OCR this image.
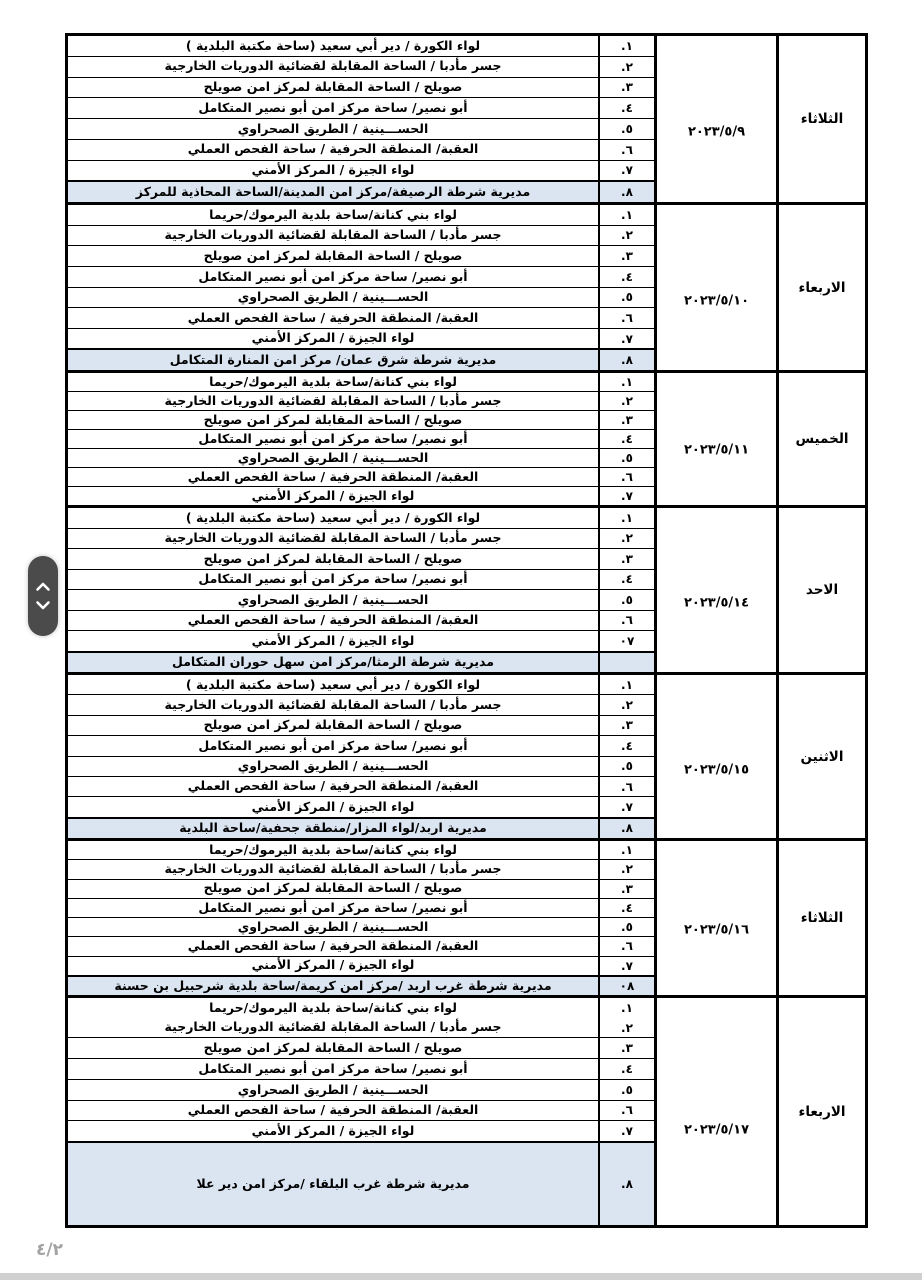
لواء الكورة / دير أبي سعيد (ساحة مكتبة البلدية )	.١
جسر مأدبا / الساحة المقابلة لقضائية الدوريات الخارجية	.٢
صويلح / الساحة المقابلة لمركز امن صويلح	.٣
أبو نصير/ ساحة مركز امن أبو نصير المتكامل	.٤
الحســـينية / الطريق الصحراوي	.٥
العقبة/ المنطقة الحرفية / ساحة الفحص العملي	.٦
لواء الجيزة / المركز الأمني	.٧
مديرية شرطة الرصيفة/مركز امن المدينة/الساحة المحاذية للمركز	.٨
٢٠٢٣/٥/٩
الثلاثاء
لواء بني كنانة/ساحة بلدية اليرموك/حريما	.١
جسر مأدبا / الساحة المقابلة لقضائية الدوريات الخارجية	.٢
صويلح / الساحة المقابلة لمركز امن صويلح	.٣
أبو نصير/ ساحة مركز امن أبو نصير المتكامل	.٤
الحســـينية / الطريق الصحراوي	.٥
العقبة/ المنطقة الحرفية / ساحة الفحص العملي	.٦
لواء الجيزة / المركز الأمني	.٧
مديرية شرطة شرق عمان/ مركز امن المنارة المتكامل	.٨
٢٠٢٣/٥/١٠
الاربعاء
لواء بني كنانة/ساحة بلدية اليرموك/حريما	.١
جسر مأدبا / الساحة المقابلة لقضائية الدوريات الخارجية	.٢
صويلح / الساحة المقابلة لمركز امن صويلح	.٣
أبو نصير/ ساحة مركز امن أبو نصير المتكامل	.٤
الحســـينية / الطريق الصحراوي	.٥
العقبة/ المنطقة الحرفية / ساحة الفحص العملي	.٦
لواء الجيزة / المركز الأمني	.٧
٢٠٢٣/٥/١١
الخميس
لواء الكورة / دير أبي سعيد (ساحة مكتبة البلدية )	.١
جسر مأدبا / الساحة المقابلة لقضائية الدوريات الخارجية	.٢
صويلح / الساحة المقابلة لمركز امن صويلح	.٣
أبو نصير/ ساحة مركز امن أبو نصير المتكامل	.٤
الحســـينية / الطريق الصحراوي	.٥
العقبة/ المنطقة الحرفية / ساحة الفحص العملي	.٦
لواء الجيزة / المركز الأمني	٠٧
مديرية شرطة الرمثا/مركز امن سهل حوران المتكامل
٢٠٢٣/٥/١٤
الاحد
لواء الكورة / دير أبي سعيد (ساحة مكتبة البلدية )	.١
جسر مأدبا / الساحة المقابلة لقضائية الدوريات الخارجية	.٢
صويلح / الساحة المقابلة لمركز امن صويلح	.٣
أبو نصير/ ساحة مركز امن أبو نصير المتكامل	.٤
الحســـينية / الطريق الصحراوي	.٥
العقبة/ المنطقة الحرفية / ساحة الفحص العملي	.٦
لواء الجيزة / المركز الأمني	.٧
مديرية اربد/لواء المزار/منطقة جحفية/ساحة البلدية	.٨
٢٠٢٣/٥/١٥
الاثنين
لواء بني كنانة/ساحة بلدية اليرموك/حريما	.١
جسر مأدبا / الساحة المقابلة لقضائية الدوريات الخارجية	.٢
صويلح / الساحة المقابلة لمركز امن صويلح	.٣
أبو نصير/ ساحة مركز امن أبو نصير المتكامل	.٤
الحســـينية / الطريق الصحراوي	.٥
العقبة/ المنطقة الحرفية / ساحة الفحص العملي	.٦
لواء الجيزة / المركز الأمني	.٧
مديرية شرطة غرب اربد /مركز امن كريمة/ساحة بلدية شرحبيل بن حسنة	٠٨
٢٠٢٣/٥/١٦
الثلاثاء
لواء بني كنانة/ساحة بلدية اليرموك/حريما	.١
جسر مأدبا / الساحة المقابلة لقضائية الدوريات الخارجية	.٢
صويلح / الساحة المقابلة لمركز امن صويلح	.٣
أبو نصير/ ساحة مركز امن أبو نصير المتكامل	.٤
الحســـينية / الطريق الصحراوي	.٥
العقبة/ المنطقة الحرفية / ساحة الفحص العملي	.٦
لواء الجيزة / المركز الأمني	.٧
مديرية شرطة غرب البلقاء /مركز امن دير علا	.٨
٢٠٢٣/٥/١٧
الاربعاء
٤/٢
